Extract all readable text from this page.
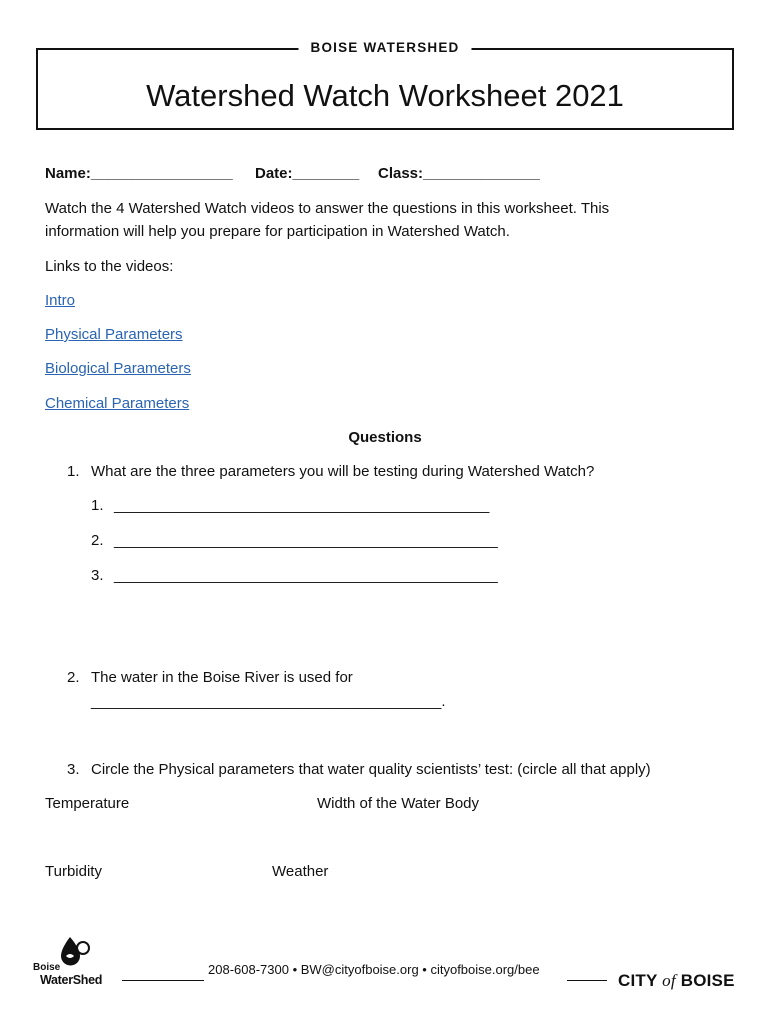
BOISE WATERSHED
Watershed Watch Worksheet 2021
Name:_________________ Date:________ Class:______________
Watch the 4 Watershed Watch videos to answer the questions in this worksheet. This
information will help you prepare for participation in Watershed Watch.
Links to the videos:
Intro
Physical Parameters
Biological Parameters
Chemical Parameters
Questions
1. What are the three parameters you will be testing during Watershed Watch?
1. _____________________________________________
2. ______________________________________________
3. ______________________________________________
2. The water in the Boise River is used for
__________________________________________.
3. Circle the Physical parameters that water quality scientists’ test: (circle all that apply)
Temperature	Width of the Water Body
Turbidity	Weather
Boise
WaterShed
208-608-7300 • BW@cityofboise.org • cityofboise.org/bee
CITY of BOISE
